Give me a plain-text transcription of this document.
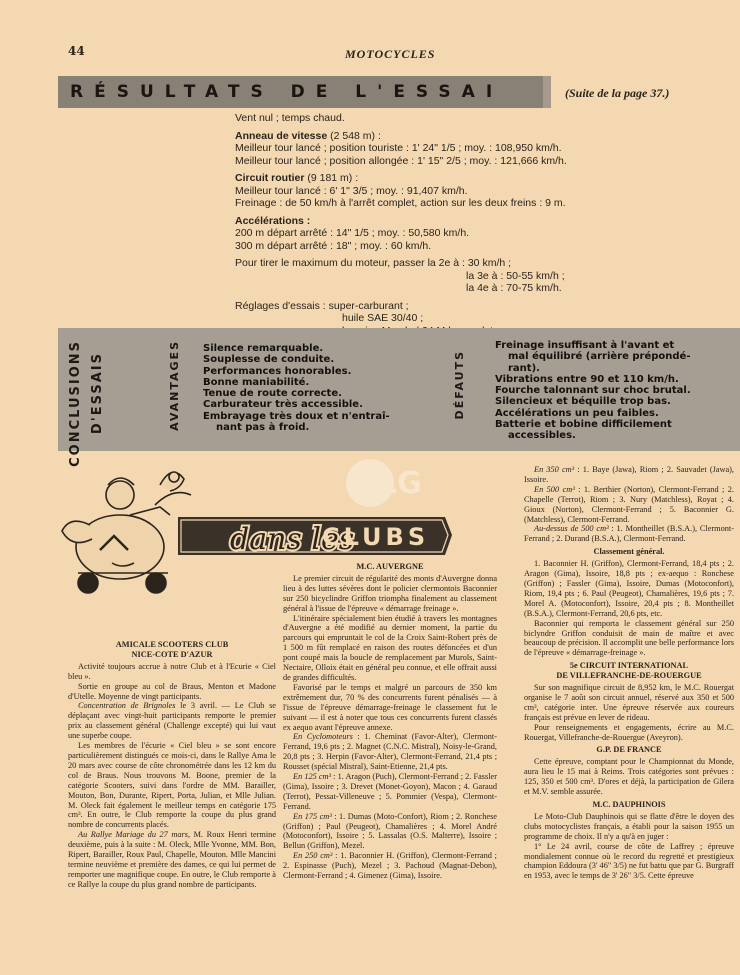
44	MOTOCYCLES
RÉSULTATS DE L'ESSAI	(Suite de la page 37.)
Vent nul ; temps chaud.
Anneau de vitesse (2 548 m) :
Meilleur tour lancé ; position touriste : 1' 24" 1/5 ; moy. : 108,950 km/h.
Meilleur tour lancé ; position allongée : 1' 15" 2/5 ; moy. : 121,666 km/h.
Circuit routier (9 181 m) :
Meilleur tour lancé : 6' 1" 3/5 ; moy. : 91,407 km/h.
Freinage : de 50 km/h à l'arrêt complet, action sur les deux freins : 9 m.
Accélérations :
200 m départ arrêté : 14" 1/5 ; moy. : 50,580 km/h.
300 m départ arrêté : 18" ; moy. : 60 km/h.
Pour tirer le maximum du moteur, passer la 2e à : 30 km/h ;
la 3e à : 50-55 km/h ;
la 4e à : 70-75 km/h.
Réglages d'essais : super-carburant ;
huile SAE 30/40 ;
CONCLUSIONS D'ESSAIS	AVANTAGES	DÉFAUTS
Silence remarquable.
Souplesse de conduite.
Performances honorables.
Bonne maniabilité.
Tenue de route correcte.
Carburateur très accessible.
Embrayage très doux et n'entraî-
nant pas à froid.
Freinage insuffisant à l'avant et
mal équilibré (arrière prépondé-
rant).
Vibrations entre 90 et 110 km/h.
Fourche talonnant sur choc brutal.
Silencieux et béquille trop bas.
Accélérations un peu faibles.
Batterie et bobine difficilement
accessibles.
dans les
CLUBS
LG

AMICALE SCOOTERS CLUB

NICE-COTE D'AZUR

Activité toujours accrue à notre Club et à l'Ecurie « Ciel bleu ».

Sortie en groupe au col de Braus, Menton et Madone d'Utelle. Moyenne de vingt participants.

Concentration de Brignoles le 3 avril. — Le Club se déplaçant avec vingt-huit participants remporte le premier prix au classement général (Challenge excepté) qui lui vaut une superbe coupe.

Les membres de l'écurie « Ciel bleu » se sont encore particulièrement distingués ce mois-ci, dans le Rallye Ama le 20 mars avec course de côte chronométrée dans les 12 km du col de Braus. Nous trouvons M. Boone, premier de la catégorie Scooters, suivi dans l'ordre de MM. Barailler, Mouton, Bon, Durante, Ripert, Porta, Julian, et Mlle Julian. M. Oleck fait également le meilleur temps en catégorie 175 cm³. En outre, le Club remporte la coupe du plus grand nombre de concurrents placés.

Au Rallye Mariage du 27 mars, M. Roux Henri termine deuxième, puis à la suite : M. Oleck, Mlle Yvonne, MM. Bon, Ripert, Barailler, Roux Paul, Chapelle, Mouton. Mlle Mancini termine neuvième et première des dames, ce qui lui permet de remporter une magnifique coupe. En outre, le Club remporte à ce Rallye la coupe du plus grand nombre de participants.

M.C. AUVERGNE

Le premier circuit de régularité des monts d'Auvergne donna lieu à des luttes sévères dont le policier clermontois Baconnier sur 250 bicyclindre Griffon triompha finalement au classement général à l'issue de l'épreuve « démarrage freinage ».

L'itinéraire spécialement bien étudié à travers les montagnes d'Auvergne a été modifié au dernier moment, la partie du parcours qui empruntait le col de la Croix Saint-Robert près de 1 500 m fût remplacé en raison des routes défoncées et d'un pont coupé mais la boucle de remplacement par Murols, Saint-Nectaire, Olloix était en général peu connue, et elle offrait aussi de grandes difficultés.

Favorisé par le temps et malgré un parcours de 350 km extrêmement dur, 70 % des concurrents furent pénalisés — à l'issue de l'épreuve démarrage-freinage le classement fut le suivant — il est à noter que tous ces concurrents furent classés ex aequo avant l'épreuve annexe.

En Cyclomoteurs : 1. Cheminat (Favor-Alter), Clermont-Ferrand, 19,6 pts ; 2. Magnet (C.N.C. Mistral), Noisy-le-Grand, 20,8 pts ; 3. Herpin (Favor-Alter), Clermont-Ferrand, 21,4 pts ; Rousset (spécial Mistral), Saint-Etienne, 21,4 pts.

En 125 cm³ : 1. Aragon (Puch), Clermont-Ferrand ; 2. Fassler (Gima), Issoire ; 3. Drevet (Monet-Goyon), Macon ; 4. Garaud (Terrot), Pessat-Villeneuve ; 5. Pommier (Vespa), Clermont-Ferrand.

En 175 cm³ : 1. Dumas (Moto-Confort), Riom ; 2. Ronchese (Griffon) ; Paul (Peugeot), Chamalières ; 4. Morel André (Motoconfort), Issoire ; 5. Lassalas (O.S. Malterre), Issoire ; Bellun (Griffon), Mezel.

En 250 cm³ : 1. Baconnier H. (Griffon), Clermont-Ferrand ; 2. Espinasse (Puch), Mezel ; 3. Pachoud (Magnat-Debon), Clermont-Ferrand ; 4. Gimenez (Gima), Issoire.

En 350 cm³ : 1. Baye (Jawa), Riom ; 2. Sauvadet (Jawa), Issoire.

En 500 cm³ : 1. Berthier (Norton), Clermont-Ferrand ; 2. Chapelle (Terrot), Riom ; 3. Nury (Matchless), Royat ; 4. Gioux (Norton), Clermont-Ferrand ; 5. Baconnier G. (Matchless), Clermont-Ferrand.

Au-dessus de 500 cm³ : 1. Montheillet (B.S.A.), Clermont-Ferrand ; 2. Durand (B.S.A.), Clermont-Ferrand.

Classement général.

1. Baconnier H. (Griffon), Clermont-Ferrand, 18,4 pts ; 2. Aragon (Gima), Issoire, 18,8 pts ; ex-aequo : Ronchese (Griffon) ; Fassler (Gima), Issoire, Dumas (Motoconfort), Riom, 19,4 pts ; 6. Paul (Peugeot), Chamalières, 19,6 pts ; 7. Morel A. (Motoconfort), Issoire, 20,4 pts ; 8. Montheillet (B.S.A.), Clermont-Ferrand, 20,6 pts, etc.

Baconnier qui remporta le classement général sur 250 biclyndre Griffon conduisit de main de maître et avec beaucoup de précision. Il accomplit une belle performance lors de l'épreuve « démarrage-freinage ».

5e CIRCUIT INTERNATIONAL

DE VILLEFRANCHE-DE-ROUERGUE

Sur son magnifique circuit de 8,952 km, le M.C. Rouergat organise le 7 août son circuit annuel, réservé aux 350 et 500 cm³, catégorie inter. Une épreuve réservée aux coureurs français est prévue en lever de rideau.

Pour renseignements et engagements, écrire au M.C. Rouergat, Villefranche-de-Rouergue (Aveyron).

G.P. DE FRANCE

Cette épreuve, comptant pour le Championnat du Monde, aura lieu le 15 mai à Reims. Trois catégories sont prévues : 125, 350 et 500 cm³. D'ores et déjà, la participation de Gilera et M.V. semble assurée.

M.C. DAUPHINOIS

Le Moto-Club Dauphinois qui se flatte d'être le doyen des clubs motocyclistes français, a établi pour la saison 1955 un programme de choix. Il n'y a qu'à en juger :

1° Le 24 avril, course de côte de Laffrey ; épreuve mondialement connue où le record du regretté et prestigieux champion Eddoura (3' 46" 3/5) ne fut battu que par G. Burgraff en 1953, avec le temps de 3' 26" 3/5. Cette épreuve
